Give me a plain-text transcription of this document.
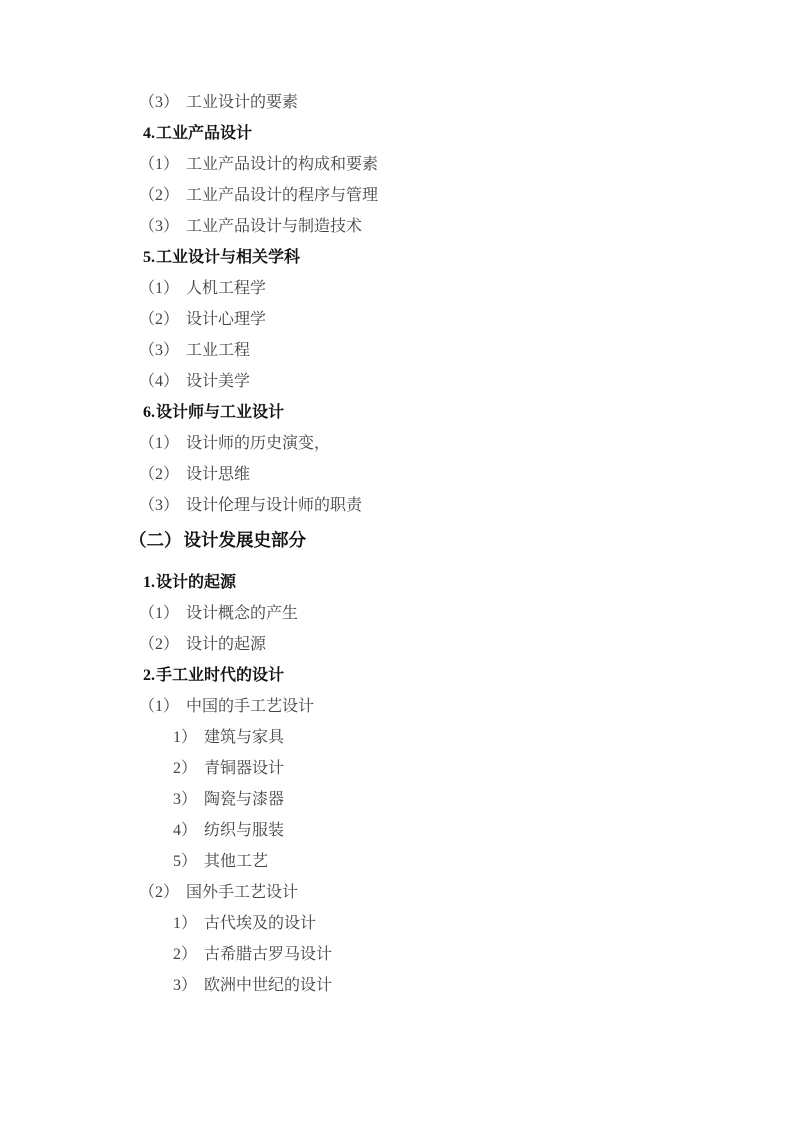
（3） 工业设计的要素
4.工业产品设计
（1） 工业产品设计的构成和要素
（2） 工业产品设计的程序与管理
（3） 工业产品设计与制造技术
5.工业设计与相关学科
（1） 人机工程学
（2） 设计心理学
（3） 工业工程
（4） 设计美学
6.设计师与工业设计
（1） 设计师的历史演变，
（2） 设计思维
（3） 设计伦理与设计师的职责
（二） 设计发展史部分
1.设计的起源
（1） 设计概念的产生
（2） 设计的起源
2.手工业时代的设计
（1） 中国的手工艺设计
1） 建筑与家具
2） 青铜器设计
3） 陶瓷与漆器
4） 纺织与服装
5） 其他工艺
（2） 国外手工艺设计
1） 古代埃及的设计
2） 古希腊古罗马设计
3） 欧洲中世纪的设计
